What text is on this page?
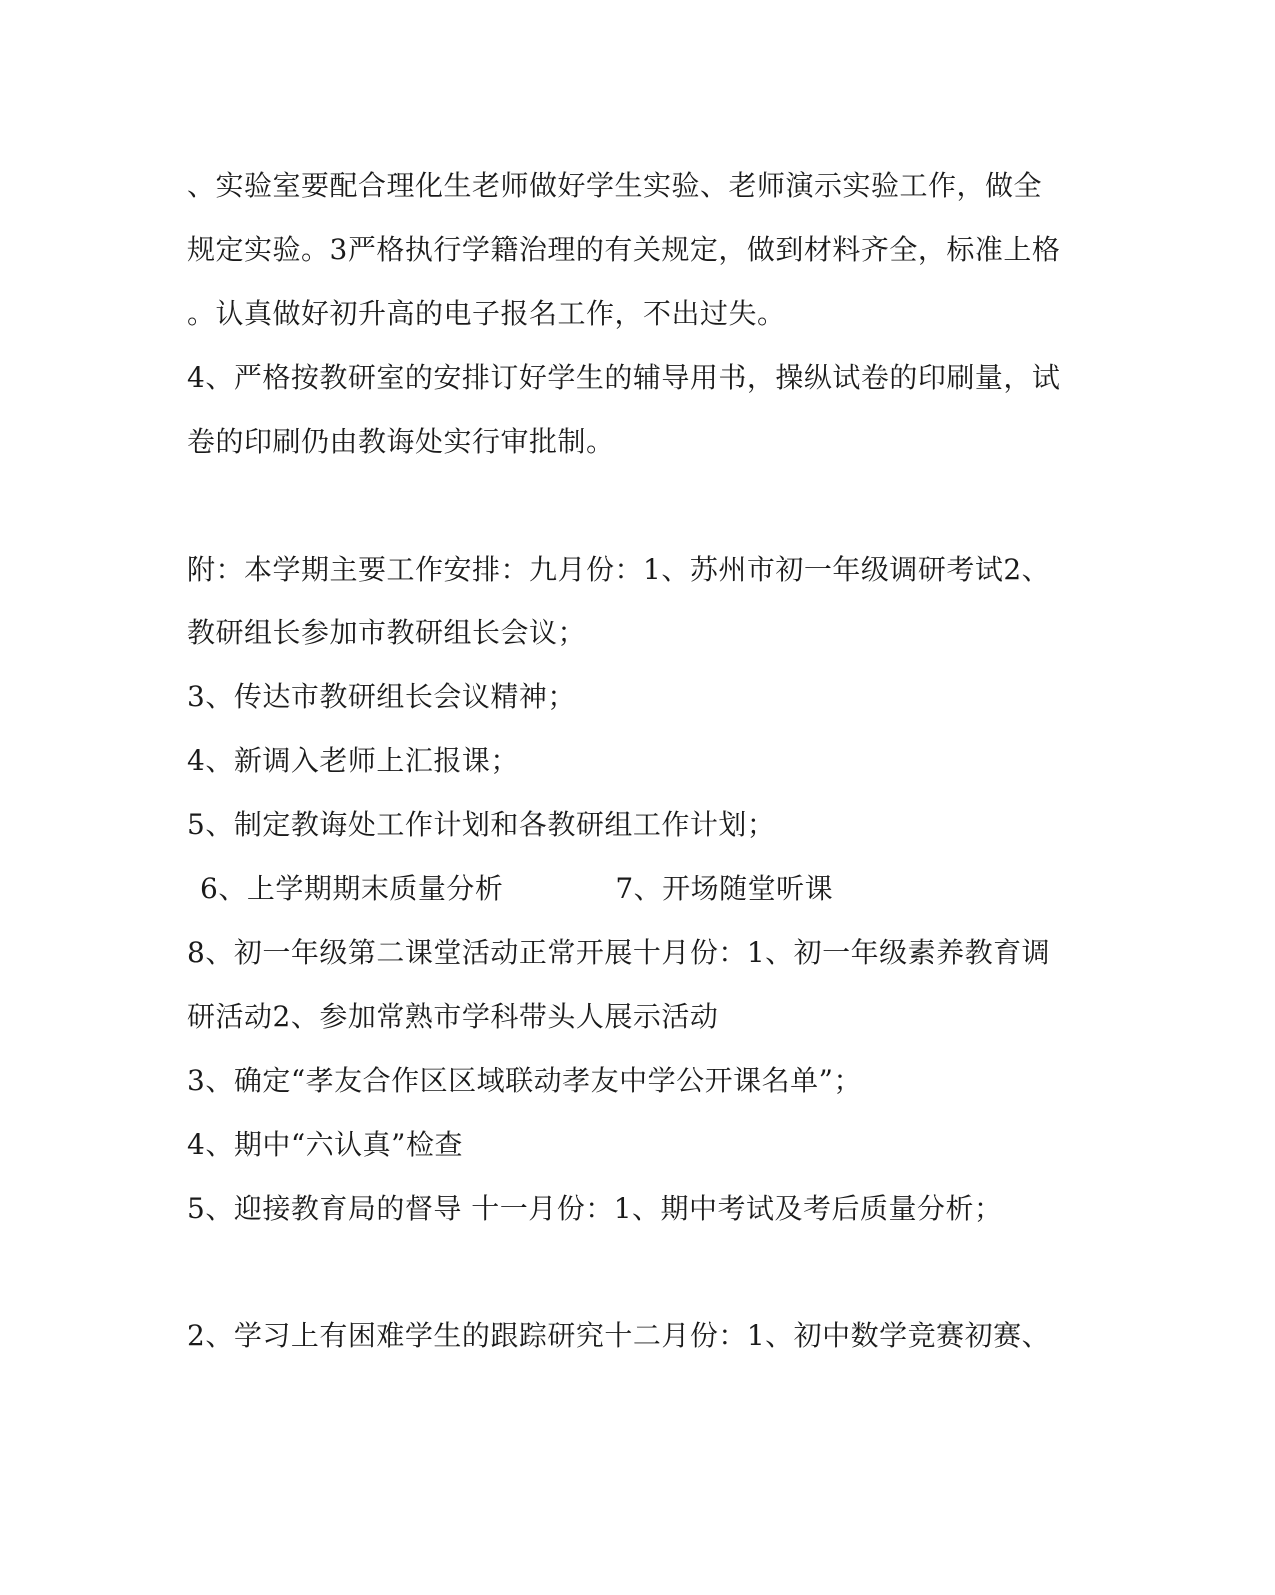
、实验室要配合理化生老师做好学生实验、老师演示实验工作，做全
规定实验。3严格执行学籍治理的有关规定，做到材料齐全，标准上格
。认真做好初升高的电子报名工作，不出过失。
4、严格按教研室的安排订好学生的辅导用书，操纵试卷的印刷量，试
卷的印刷仍由教诲处实行审批制。
附：本学期主要工作安排：九月份：1、苏州市初一年级调研考试2、
教研组长参加市教研组长会议；
3、传达市教研组长会议精神；
4、新调入老师上汇报课；
5、制定教诲处工作计划和各教研组工作计划；
6、上学期期末质量分析	7、开场随堂听课
8、初一年级第二课堂活动正常开展十月份：1、初一年级素养教育调
研活动2、参加常熟市学科带头人展示活动
3、确定“孝友合作区区域联动孝友中学公开课名单”；
4、期中“六认真”检查
5、迎接教育局的督导 十一月份：1、期中考试及考后质量分析；
2、学习上有困难学生的跟踪研究十二月份：1、初中数学竞赛初赛、
